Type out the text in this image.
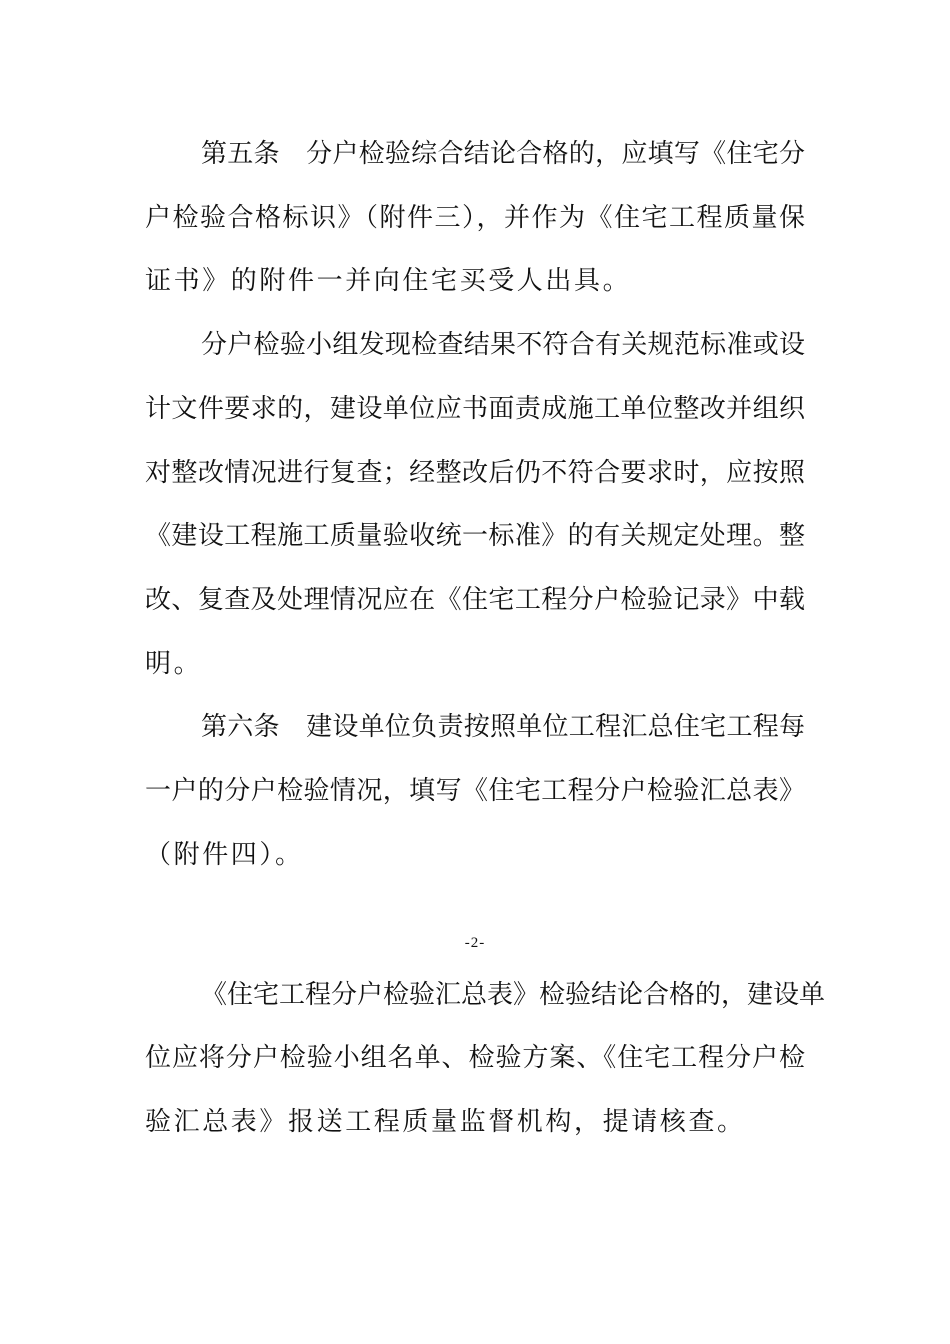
第五条　分户检验综合结论合格的，应填写《住宅分
户检验合格标识》（附件三），并作为《住宅工程质量保
证书》的附件一并向住宅买受人出具。
分户检验小组发现检查结果不符合有关规范标准或设
计文件要求的，建设单位应书面责成施工单位整改并组织
对整改情况进行复查；经整改后仍不符合要求时，应按照
《建设工程施工质量验收统一标准》的有关规定处理。整
改、复查及处理情况应在《住宅工程分户检验记录》中载
明。
第六条　建设单位负责按照单位工程汇总住宅工程每
一户的分户检验情况，填写《住宅工程分户检验汇总表》
（附件四）。
-2-
《住宅工程分户检验汇总表》检验结论合格的，建设单
位应将分户检验小组名单、检验方案、《住宅工程分户检
验汇总表》报送工程质量监督机构，提请核查。
